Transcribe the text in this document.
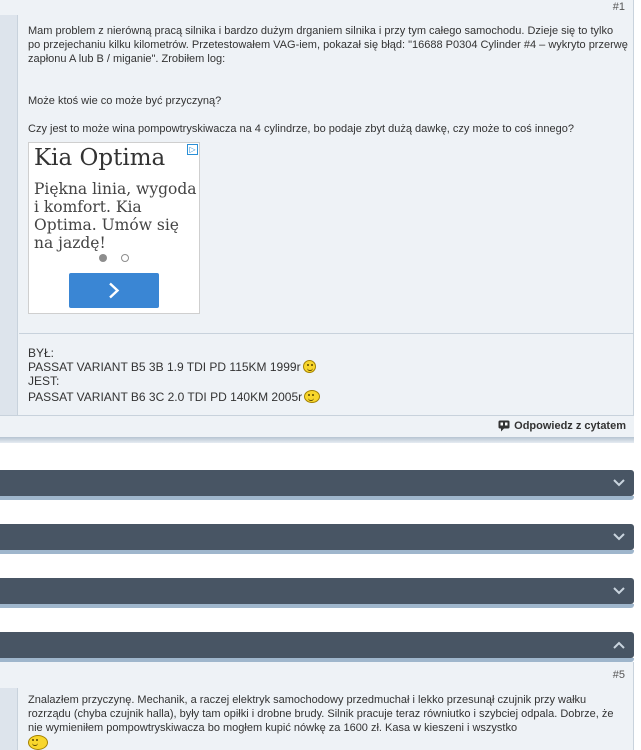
#1

Mam problem z nierówną pracą silnika i bardzo dużym drganiem silnika i przy tym całego samochodu. Dzieje się to tylko po przejechaniu kilku kilometrów. Przetestowałem VAG-iem, pokazał się błąd: "16688 P0304 Cylinder #4 – wykryto przerwę zapłonu A lub B / miganie". Zrobiłem log:

Może ktoś wie co może być przyczyną?

Czy jest to może wina pompowtryskiwacza na 4 cylindrze, bo podaje zbyt dużą dawkę, czy może to coś innego?

Kia Optima
Piękna linia, wygoda i komfort. Kia Optima. Umów się na jazdę!
▷
BYŁ:
PASSAT VARIANT B5 3B 1.9 TDI PD 115KM 1999r
JEST:
PASSAT VARIANT B6 3C 2.0 TDI PD 140KM 2005r
Odpowiedz z cytatem
#5

Znalazłem przyczynę. Mechanik, a raczej elektryk samochodowy przedmuchał i lekko przesunął czujnik przy wałku rozrządu (chyba czujnik halla), były tam opiłki i drobne brudy. Silnik pracuje teraz równiutko i szybciej odpala. Dobrze, że nie wymieniłem pompowtryskiwacza bo mogłem kupić nówkę za 1600 zł. Kasa w kieszeni i wszystko
